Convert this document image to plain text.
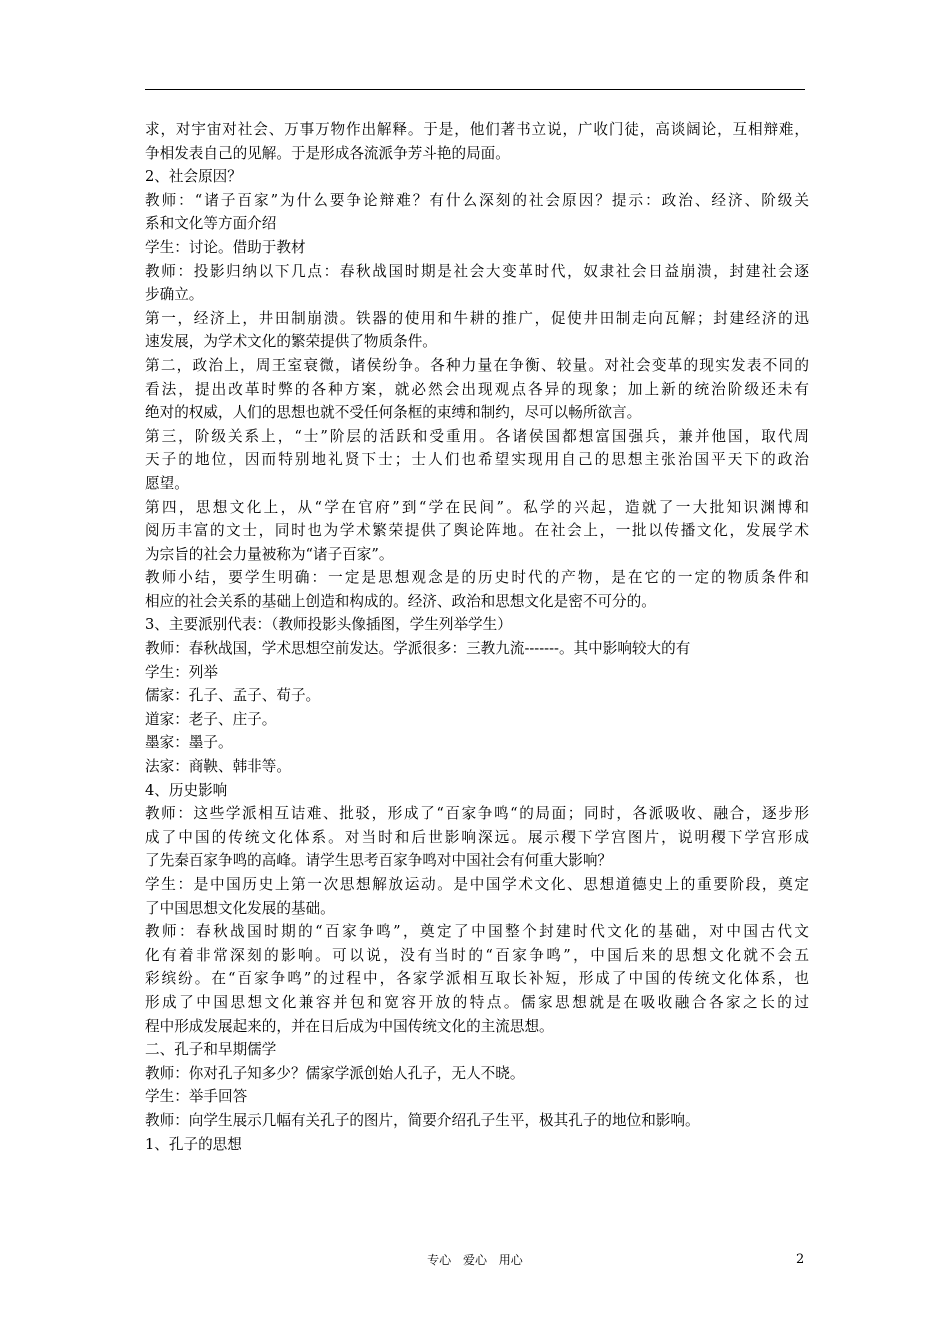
求，对宇宙对社会、万事万物作出解释。于是，他们著书立说，广收门徒，高谈阔论，互相辩难，
争相发表自己的见解。于是形成各流派争芳斗艳的局面。
2、社会原因？
教师：“诸子百家”为什么要争论辩难？有什么深刻的社会原因？提示：政治、经济、阶级关
系和文化等方面介绍
学生：讨论。借助于教材
教师：投影归纳以下几点：春秋战国时期是社会大变革时代，奴隶社会日益崩溃，封建社会逐
步确立。
第一，经济上，井田制崩溃。铁器的使用和牛耕的推广，促使井田制走向瓦解；封建经济的迅
速发展，为学术文化的繁荣提供了物质条件。
第二，政治上，周王室衰微，诸侯纷争。各种力量在争衡、较量。对社会变革的现实发表不同的
看法，提出改革时弊的各种方案，就必然会出现观点各异的现象；加上新的统治阶级还未有
绝对的权威，人们的思想也就不受任何条框的束缚和制约，尽可以畅所欲言。
第三，阶级关系上，“士”阶层的活跃和受重用。各诸侯国都想富国强兵，兼并他国，取代周
天子的地位，因而特别地礼贤下士；士人们也希望实现用自己的思想主张治国平天下的政治
愿望。
第四，思想文化上，从“学在官府”到“学在民间”。私学的兴起，造就了一大批知识渊博和
阅历丰富的文士，同时也为学术繁荣提供了舆论阵地。在社会上，一批以传播文化，发展学术
为宗旨的社会力量被称为“诸子百家”。
教师小结，要学生明确：一定是思想观念是的历史时代的产物，是在它的一定的物质条件和
相应的社会关系的基础上创造和构成的。经济、政治和思想文化是密不可分的。
3、主要派别代表：（教师投影头像插图，学生列举学生）
教师：春秋战国，学术思想空前发达。学派很多：三教九流-------。其中影响较大的有
学生：列举
儒家：孔子、孟子、荀子。
道家：老子、庄子。
墨家：墨子。
法家：商鞅、韩非等。
4、历史影响
教师：这些学派相互诘难、批驳，形成了“百家争鸣“的局面；同时，各派吸收、融合，逐步形
成了中国的传统文化体系。对当时和后世影响深远。展示稷下学宫图片，说明稷下学宫形成
了先秦百家争鸣的高峰。请学生思考百家争鸣对中国社会有何重大影响？
学生：是中国历史上第一次思想解放运动。是中国学术文化、思想道德史上的重要阶段，奠定
了中国思想文化发展的基础。
教师：春秋战国时期的“百家争鸣”，奠定了中国整个封建时代文化的基础，对中国古代文
化有着非常深刻的影响。可以说，没有当时的“百家争鸣”，中国后来的思想文化就不会五
彩缤纷。在“百家争鸣”的过程中，各家学派相互取长补短，形成了中国的传统文化体系，也
形成了中国思想文化兼容并包和宽容开放的特点。儒家思想就是在吸收融合各家之长的过
程中形成发展起来的，并在日后成为中国传统文化的主流思想。
二、孔子和早期儒学
教师：你对孔子知多少？儒家学派创始人孔子，无人不晓。
学生：举手回答
教师：向学生展示几幅有关孔子的图片，简要介绍孔子生平，极其孔子的地位和影响。
1、孔子的思想
专心 爱心 用心	2
